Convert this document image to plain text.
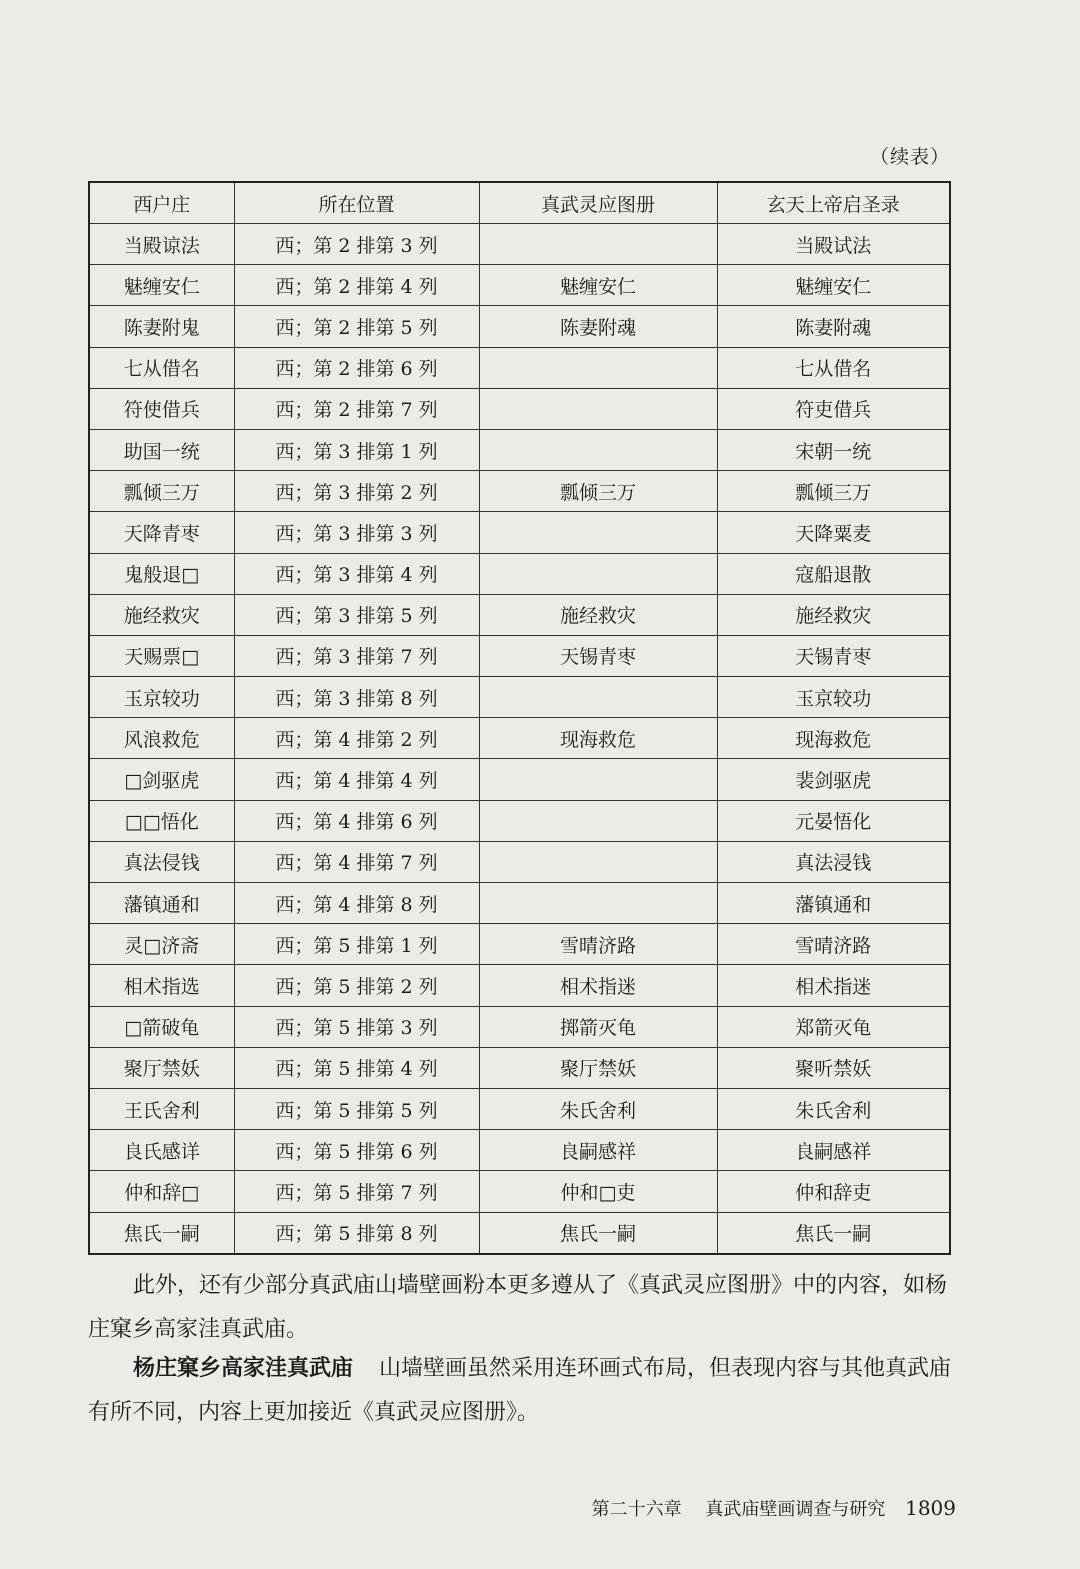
（续表）
西户庄	所在位置	真武灵应图册	玄天上帝启圣录
当殿谅法	西；第 2 排第 3 列		当殿试法
魅缠安仁	西；第 2 排第 4 列	魅缠安仁	魅缠安仁
陈妻附鬼	西；第 2 排第 5 列	陈妻附魂	陈妻附魂
七从借名	西；第 2 排第 6 列		七从借名
符使借兵	西；第 2 排第 7 列		符吏借兵
助国一统	西；第 3 排第 1 列		宋朝一统
瓢倾三万	西；第 3 排第 2 列	瓢倾三万	瓢倾三万
天降青枣	西；第 3 排第 3 列		天降粟麦
鬼般退□	西；第 3 排第 4 列		寇船退散
施经救灾	西；第 3 排第 5 列	施经救灾	施经救灾
天赐票□	西；第 3 排第 7 列	天锡青枣	天锡青枣
玉京较功	西；第 3 排第 8 列		玉京较功
风浪救危	西；第 4 排第 2 列	现海救危	现海救危
□剑驱虎	西；第 4 排第 4 列		裴剑驱虎
□□悟化	西；第 4 排第 6 列		元晏悟化
真法侵钱	西；第 4 排第 7 列		真法浸钱
藩镇通和	西；第 4 排第 8 列		藩镇通和
灵□济斋	西；第 5 排第 1 列	雪晴济路	雪晴济路
相术指选	西；第 5 排第 2 列	相术指迷	相术指迷
□箭破龟	西；第 5 排第 3 列	掷箭灭龟	郑箭灭龟
聚厅禁妖	西；第 5 排第 4 列	聚厅禁妖	聚听禁妖
王氏舍利	西；第 5 排第 5 列	朱氏舍利	朱氏舍利
良氏感详	西；第 5 排第 6 列	良嗣感祥	良嗣感祥
仲和辞□	西；第 5 排第 7 列	仲和□吏	仲和辞吏
焦氏一嗣	西；第 5 排第 8 列	焦氏一嗣	焦氏一嗣

此外，还有少部分真武庙山墙壁画粉本更多遵从了《真武灵应图册》中的内容，如杨庄窠乡高家洼真武庙。

杨庄窠乡高家洼真武庙 山墙壁画虽然采用连环画式布局，但表现内容与其他真武庙有所不同，内容上更加接近《真武灵应图册》。

第二十六章 真武庙壁画调查与研究 1809
